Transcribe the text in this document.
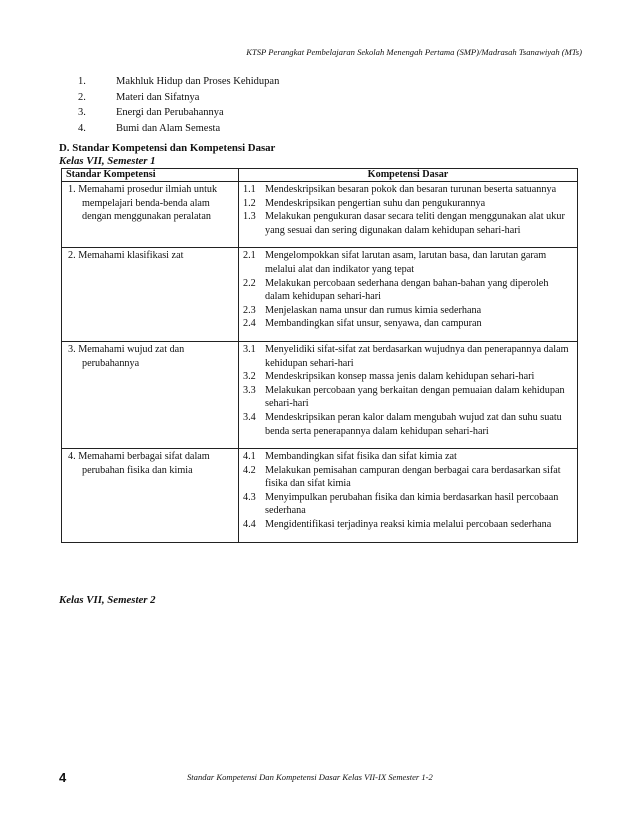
KTSP Perangkat Pembelajaran Sekolah Menengah Pertama (SMP)/Madrasah Tsanawiyah (MTs)
1.	Makhluk Hidup dan Proses Kehidupan
2.	Materi dan Sifatnya
3.	Energi dan Perubahannya
4.	Bumi dan Alam Semesta
D. Standar Kompetensi dan Kompetensi Dasar
Kelas VII, Semester 1
Standar Kompetensi	Kompetensi Dasar

1. Memahami prosedur ilmiah untuk mempelajari benda-benda alam dengan menggunakan peralatan	1.1 Mendeskripsikan besaran pokok dan besaran turunan beserta satuannya
1.2 Mendeskripsikan pengertian suhu dan pengukurannya
1.3 Melakukan pengukuran dasar secara teliti dengan menggunakan alat ukur yang sesuai dan sering digunakan dalam kehidupan sehari-hari

2. Memahami klasifikasi zat	2.1 Mengelompokkan sifat larutan asam, larutan basa, dan larutan garam melalui alat dan indikator yang tepat
2.2 Melakukan percobaan sederhana dengan bahan-bahan yang diperoleh dalam kehidupan sehari-hari
2.3 Menjelaskan nama unsur dan rumus kimia sederhana
2.4 Membandingkan sifat unsur, senyawa, dan campuran

3. Memahami wujud zat dan perubahannya	3.1 Menyelidiki sifat-sifat zat berdasarkan wujudnya dan penerapannya dalam kehidupan sehari-hari
3.2 Mendeskripsikan konsep massa jenis dalam kehidupan sehari-hari
3.3 Melakukan percobaan yang berkaitan dengan pemuaian dalam kehidupan sehari-hari
3.4 Mendeskripsikan peran kalor dalam mengubah wujud zat dan suhu suatu benda serta penerapannya dalam kehidupan sehari-hari

4. Memahami berbagai sifat dalam perubahan fisika dan kimia	4.1 Membandingkan sifat fisika dan sifat kimia zat
4.2 Melakukan pemisahan campuran dengan berbagai cara berdasarkan sifat fisika dan sifat kimia
4.3 Menyimpulkan perubahan fisika dan kimia berdasarkan hasil percobaan sederhana
4.4 Mengidentifikasi terjadinya reaksi kimia melalui percobaan sederhana
Kelas VII, Semester 2
4	Standar Kompetensi Dan Kompetensi Dasar Kelas VII-IX Semester 1-2
